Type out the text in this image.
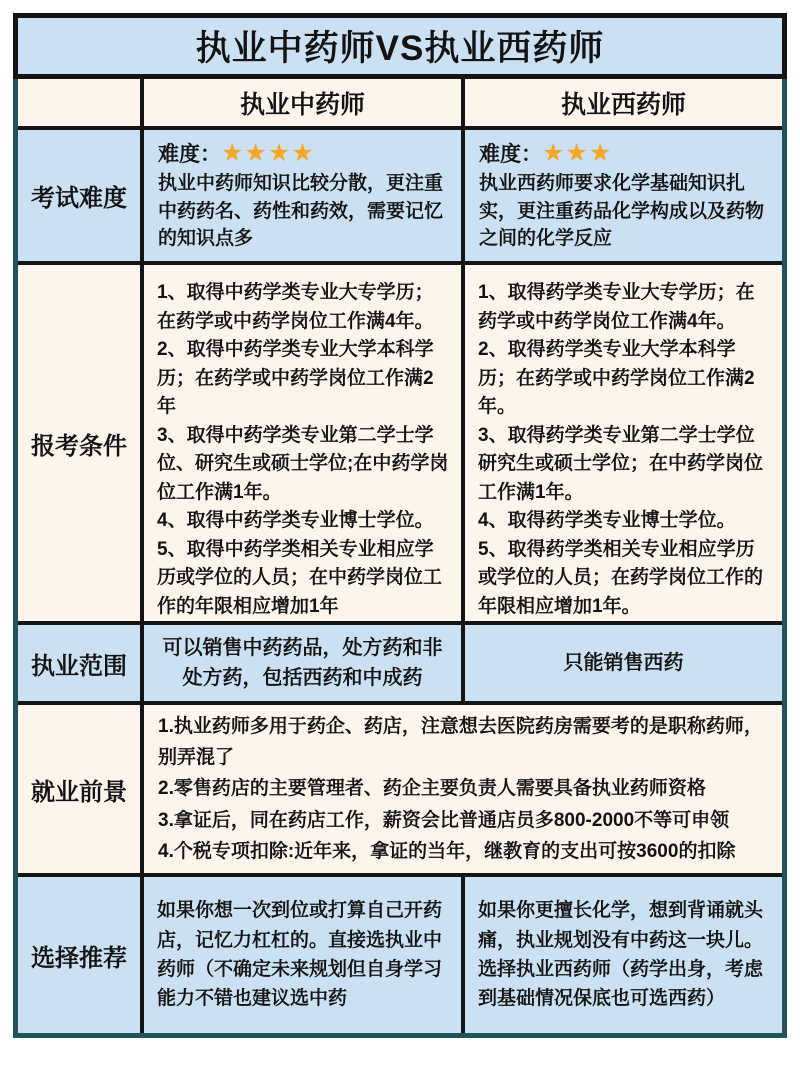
执业中药师VS执业西药师
执业中药师	执业西药师
考试难度
难度： ★★★★
执业中药师知识比较分散，更注重中药药名、药性和药效，需要记忆的知识点多
难度： ★★★
执业西药师要求化学基础知识扎实，更注重药品化学构成以及药物之间的化学反应
报考条件
1、取得中药学类专业大专学历；在药学或中药学岗位工作满4年。
2、取得中药学类专业大学本科学历；在药学或中药学岗位工作满2年
3、取得中药学类专业第二学士学位、研究生或硕士学位;在中药学岗位工作满1年。
4、取得中药学类专业博士学位。
5、取得中药学类相关专业相应学历或学位的人员；在中药学岗位工作的年限相应增加1年
1、取得药学类专业大专学历；在药学或中药学岗位工作满4年。
2、取得药学类专业大学本科学历；在药学或中药学岗位工作满2年。
3、取得药学类专业第二学士学位研究生或硕士学位；在中药学岗位工作满1年。
4、取得药学类专业博士学位。
5、取得药学类相关专业相应学历或学位的人员；在药学岗位工作的年限相应增加1年。
执业范围
可以销售中药药品，处方药和非处方药，包括西药和中成药
只能销售西药
就业前景
1.执业药师多用于药企、药店，注意想去医院药房需要考的是职称药师，别弄混了
2.零售药店的主要管理者、药企主要负责人需要具备执业药师资格
3.拿证后，同在药店工作，薪资会比普通店员多800-2000不等可申领
4.个税专项扣除:近年来，拿证的当年，继教育的支出可按3600的扣除
选择推荐
如果你想一次到位或打算自己开药店，记忆力杠杠的。直接选执业中药师（不确定未来规划但自身学习能力不错也建议选中药
如果你更擅长化学，想到背诵就头痛，执业规划没有中药这一块儿。选择执业西药师（药学出身，考虑到基础情况保底也可选西药）
